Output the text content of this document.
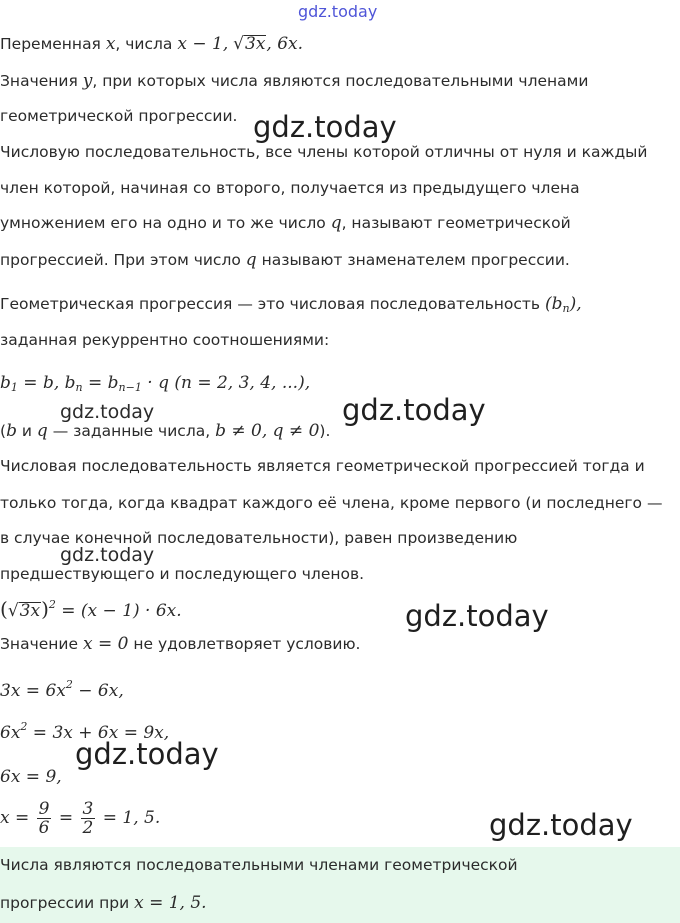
gdz.today
Переменная x, числа x − 1, √3x, 6x.
Значения y, при которых числа являются последовательными членами
геометрической прогрессии. gdz.today
Числовую последовательность, все члены которой отличны от нуля и каждый
член которой, начиная со второго, получается из предыдущего члена
умножением его на одно и то же число q, называют геометрической
прогрессией. При этом число q называют знаменателем прогрессии.
Геометрическая прогрессия — это числовая последовательность $(b_n)$,
заданная рекуррентно соотношениями:
$b_1 = b$, $b_n = b_{n-1} \cdot q$ (n = 2, 3, 4, ...),
gdz.today	gdz.today
(b и q — заданные числа, b ≠ 0, q ≠ 0).
Числовая последовательность является геометрической прогрессией тогда и
только тогда, когда квадрат каждого её члена, кроме первого (и последнего —
в случае конечной последовательности), равен произведению
gdz.today
предшествующего и последующего членов.
$(√3x)^2 = (x - 1) \cdot 6x$.	gdz.today
Значение x = 0 не удовлетворяет условию.
$3x = 6x^2 - 6x$,
$6x^2 = 3x + 6x = 9x$,
gdz.today
6x = 9,
$x = \frac{9}{6} = \frac{3}{2} = 1$, 5.	gdz.today
Числа являются последовательными членами геометрической
прогрессии при x = 1, 5.
